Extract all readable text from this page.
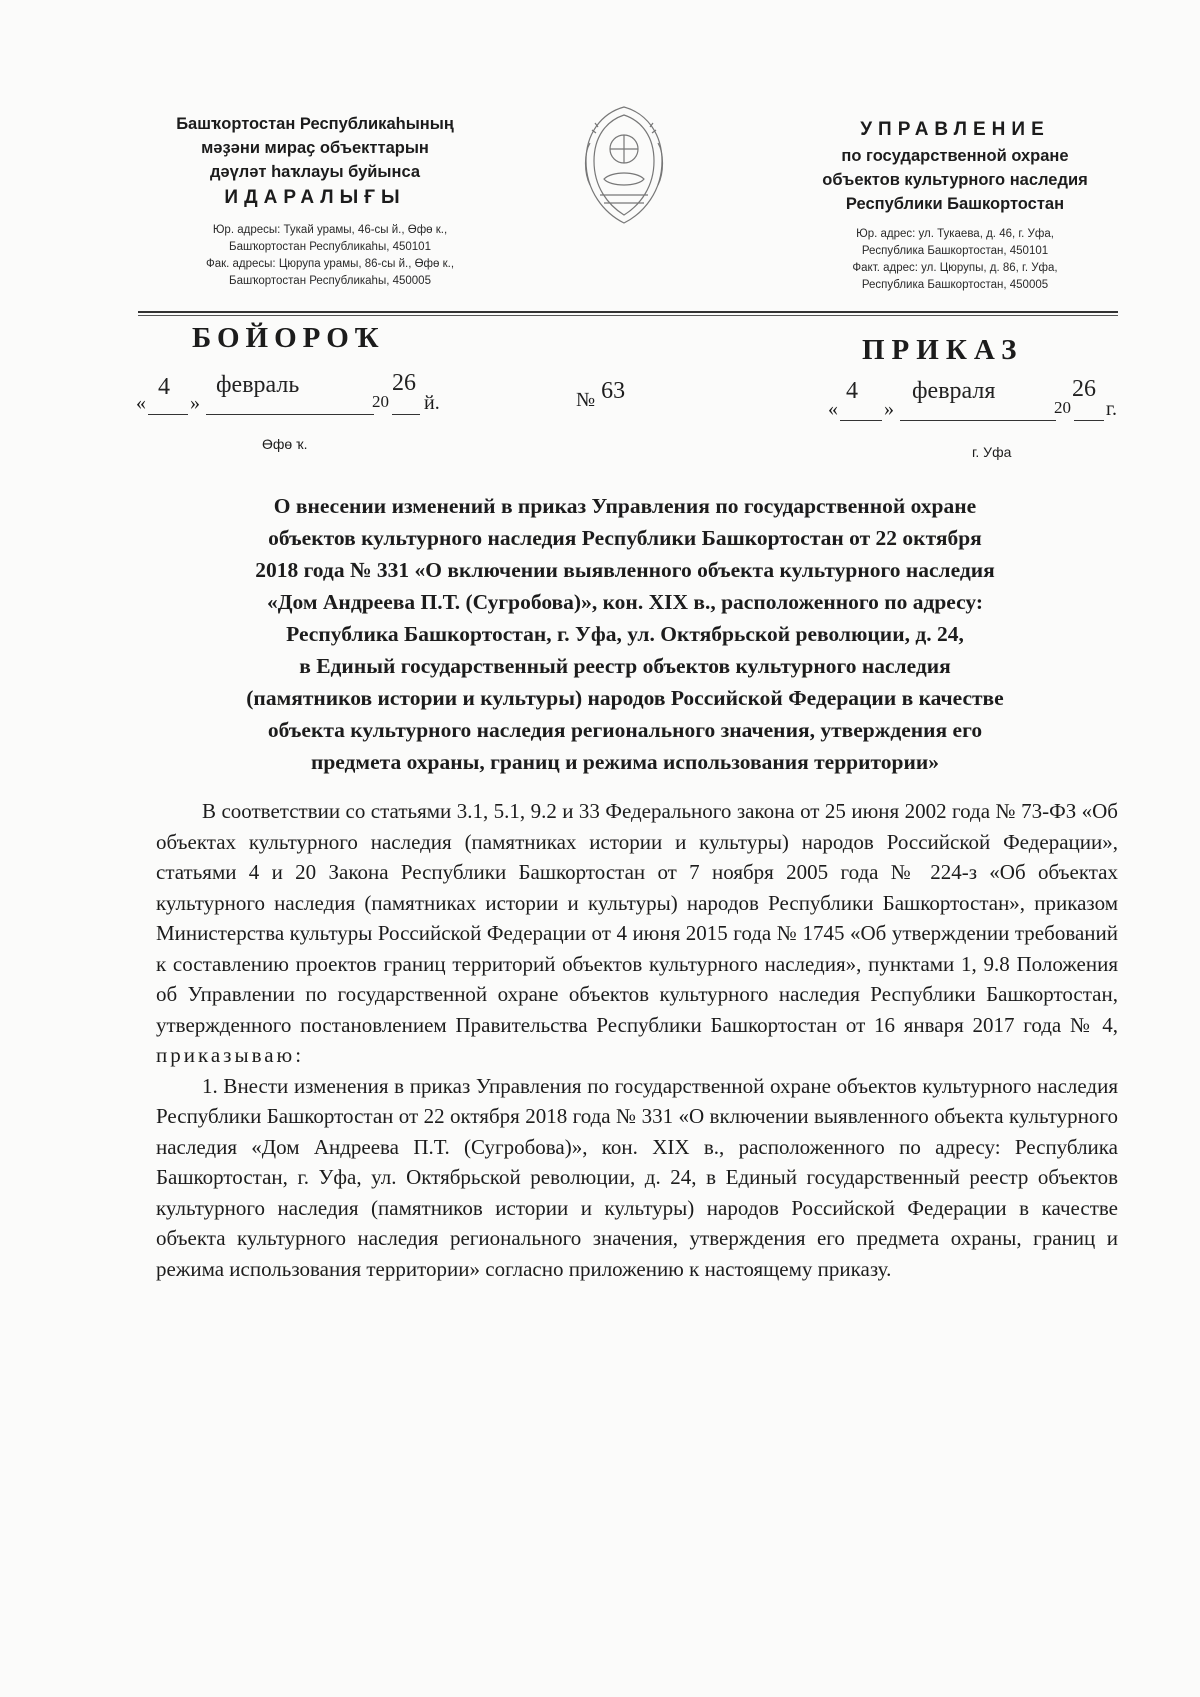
Башҡортостан Республикаһының
мәҙәни мираҫ объекттарын
дәүләт һаҡлауы буйынса
ИДАРАЛЫҒЫ
Юр. адресы: Тукай урамы, 46-сы й., Өфө к.,
Башҡортостан Республикаһы, 450101
Фак. адресы: Цюрупа урамы, 86-сы й., Өфө к.,
Башҡортостан Республикаһы, 450005
УПРАВЛЕНИЕ
по государственной охране
объектов культурного наследия
Республики Башкортостан
Юр. адрес: ул. Тукаева, д. 46, г. Уфа,
Республика Башкортостан, 450101
Факт. адрес: ул. Цюрупы, д. 86, г. Уфа,
Республика Башкортостан, 450005
БОЙОРОҠ	ПРИКАЗ
«
4
»
февраль
20
26
й.
Өфө ҡ.
№ 63
«
4
»
февраля
20
26
г.
г. Уфа
О внесении изменений в приказ Управления по государственной охране
объектов культурного наследия Республики Башкортостан от 22 октября
2018 года № 331 «О включении выявленного объекта культурного наследия
«Дом Андреева П.Т. (Сугробова)», кон. XIX в., расположенного по адресу:
Республика Башкортостан, г. Уфа, ул. Октябрьской революции, д. 24,
в Единый государственный реестр объектов культурного наследия
(памятников истории и культуры) народов Российской Федерации в качестве
объекта культурного наследия регионального значения, утверждения его
предмета охраны, границ и режима использования территории»

В соответствии со статьями 3.1, 5.1, 9.2 и 33 Федерального закона от 25 июня 2002 года № 73-ФЗ «Об объектах культурного наследия (памятниках истории и культуры) народов Российской Федерации», статьями 4 и 20 Закона Республики Башкортостан от 7 ноября 2005 года № 224-з «Об объектах культурного наследия (памятниках истории и культуры) народов Республики Башкортостан», приказом Министерства культуры Российской Федерации от 4 июня 2015 года № 1745 «Об утверждении требований к составлению проектов границ территорий объектов культурного наследия», пунктами 1, 9.8 Положения об Управлении по государственной охране объектов культурного наследия Республики Башкортостан, утвержденного постановлением Правительства Республики Башкортостан от 16 января 2017 года № 4, приказываю:

1. Внести изменения в приказ Управления по государственной охране объектов культурного наследия Республики Башкортостан от 22 октября 2018 года № 331 «О включении выявленного объекта культурного наследия «Дом Андреева П.Т. (Сугробова)», кон. XIX в., расположенного по адресу: Республика Башкортостан, г. Уфа, ул. Октябрьской революции, д. 24, в Единый государственный реестр объектов культурного наследия (памятников истории и культуры) народов Российской Федерации в качестве объекта культурного наследия регионального значения, утверждения его предмета охраны, границ и режима использования территории» согласно приложению к настоящему приказу.
